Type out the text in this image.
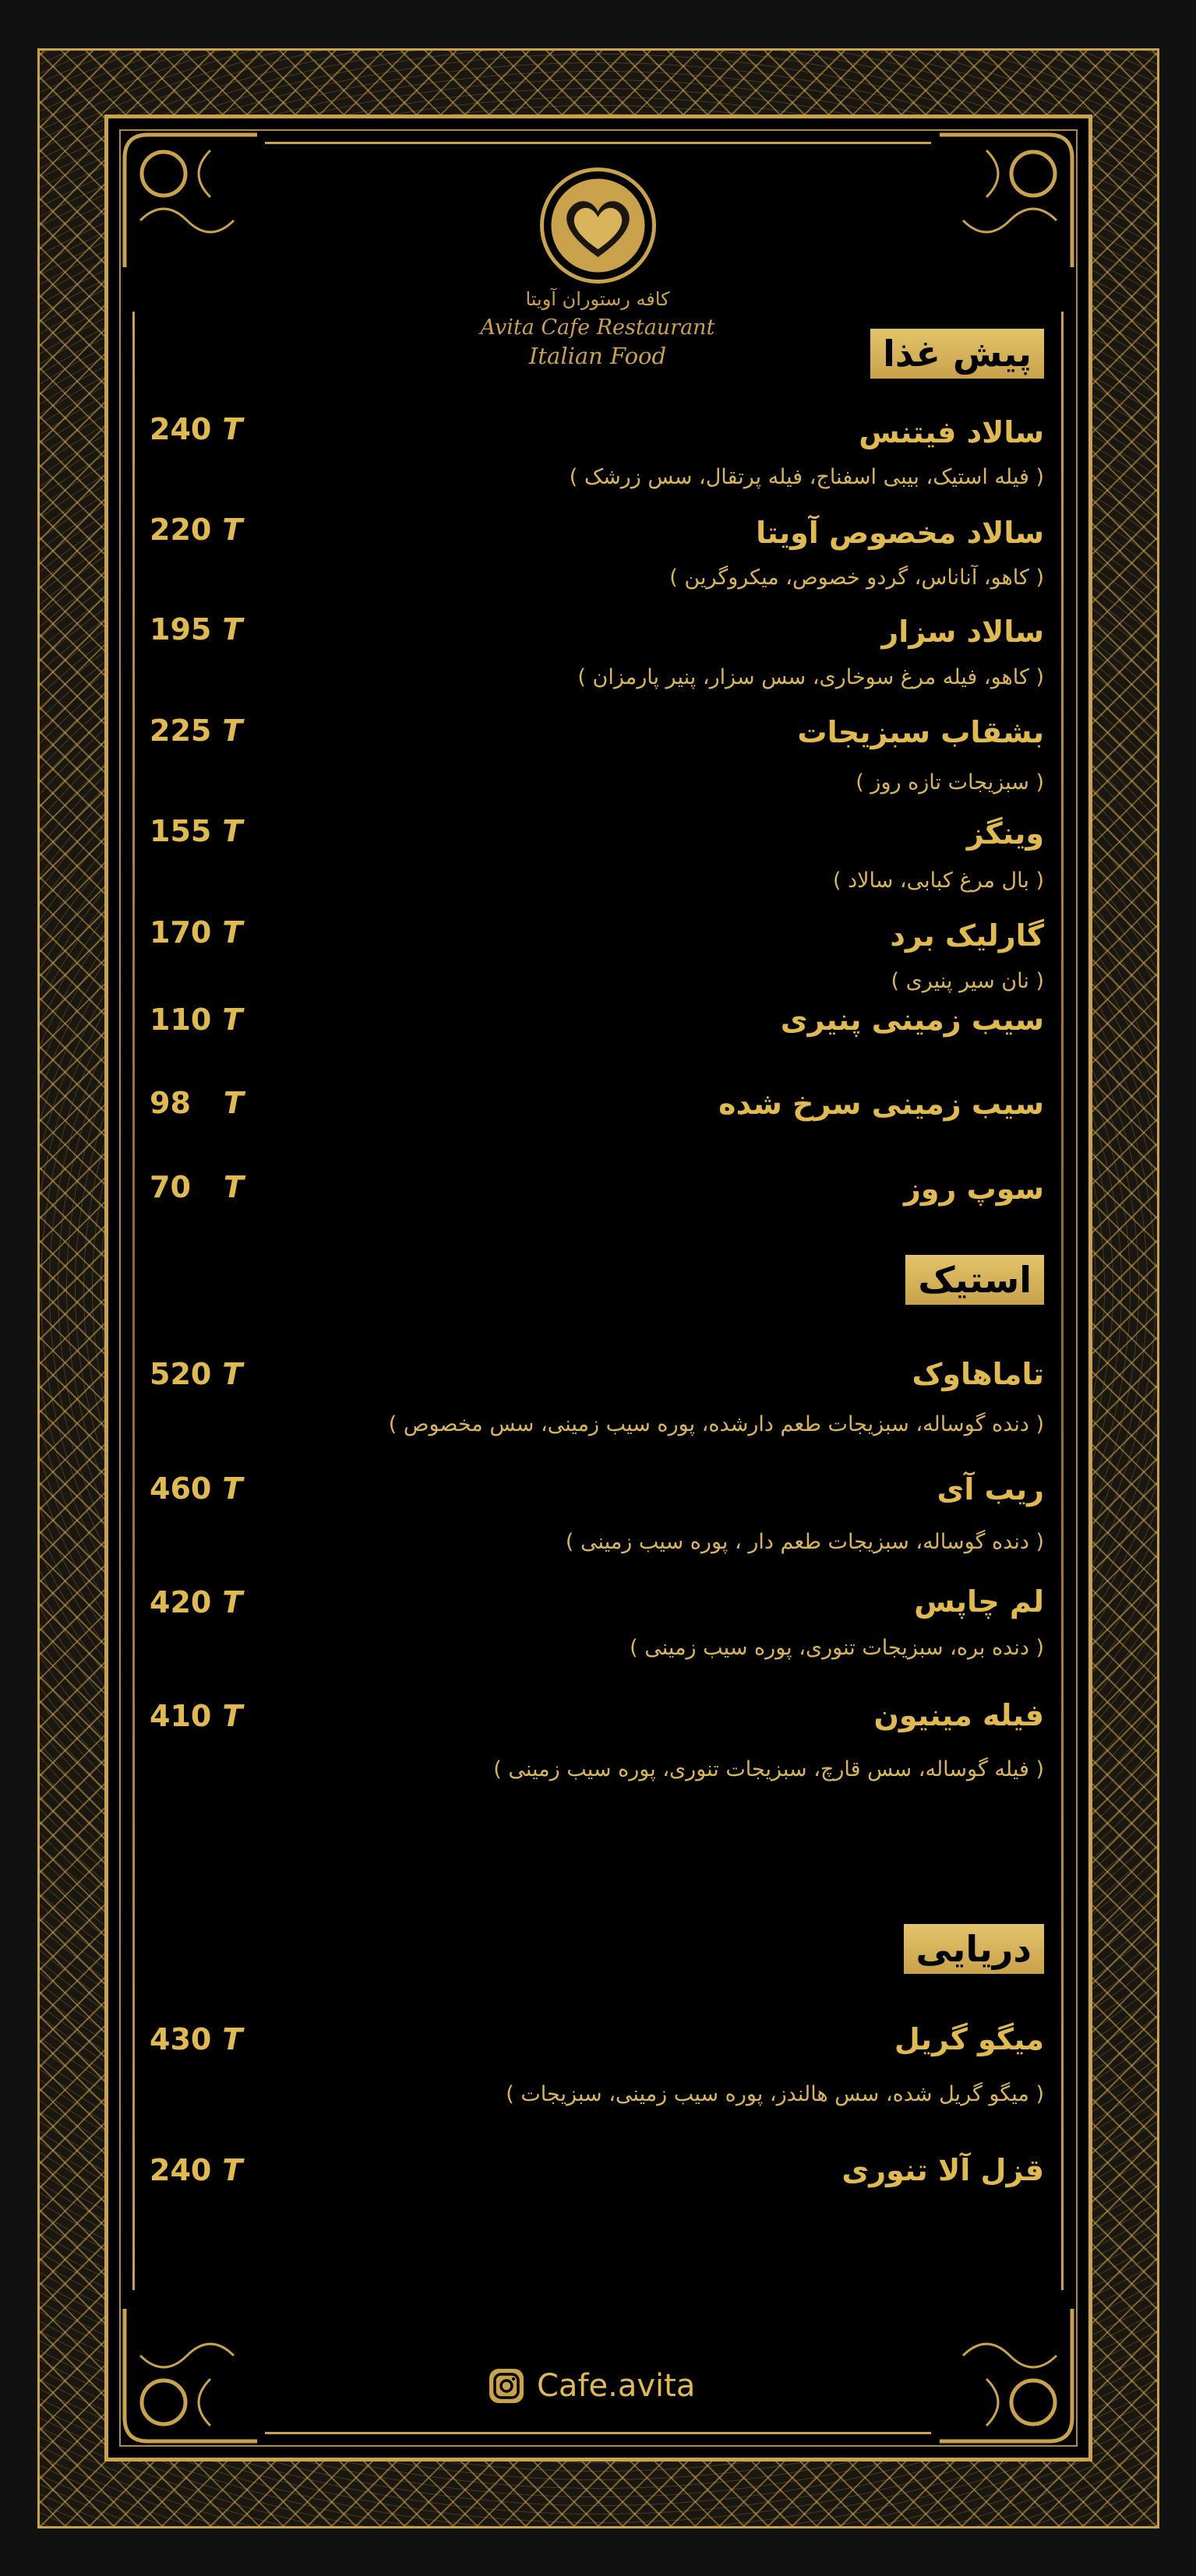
کافه رستوران آویتا
Avita Cafe Restaurant
Italian Food	پیش غذا
سالاد فیتنس
240 T
( فیله استیک، بیبی اسفناج، فیله پرتقال، سس زرشک )
سالاد مخصوص آویتا
220 T
( کاهو، آناناس، گردو خصوص، میکروگرین )
سالاد سزار
195 T
( کاهو، فیله مرغ سوخاری، سس سزار، پنیر پارمزان )
بشقاب سبزیجات
225 T
( سبزیجات تازه روز )
وینگز
155 T
( بال مرغ کبابی، سالاد )
گارلیک برد
170 T
( نان سیر پنیری )
سیب زمینی پنیری
110 T
سیب زمینی سرخ شده
98 T
سوپ روز
70 T
استیک
تاماهاوک
520 T
( دنده گوساله، سبزیجات طعم دارشده، پوره سیب زمینی، سس مخصوص )
ریب آی
460 T
( دنده گوساله، سبزیجات طعم دار ، پوره سیب زمینی )
لم چاپس
420 T
( دنده بره، سبزیجات تنوری، پوره سیب زمینی )
فیله مینیون
410 T
( فیله گوساله، سس قارچ، سبزیجات تنوری، پوره سیب زمینی )
دریایی
میگو گریل
430 T
( میگو گریل شده، سس هالندز، پوره سیب زمینی، سبزیجات )
قزل آلا تنوری
240 T
Cafe.avita
